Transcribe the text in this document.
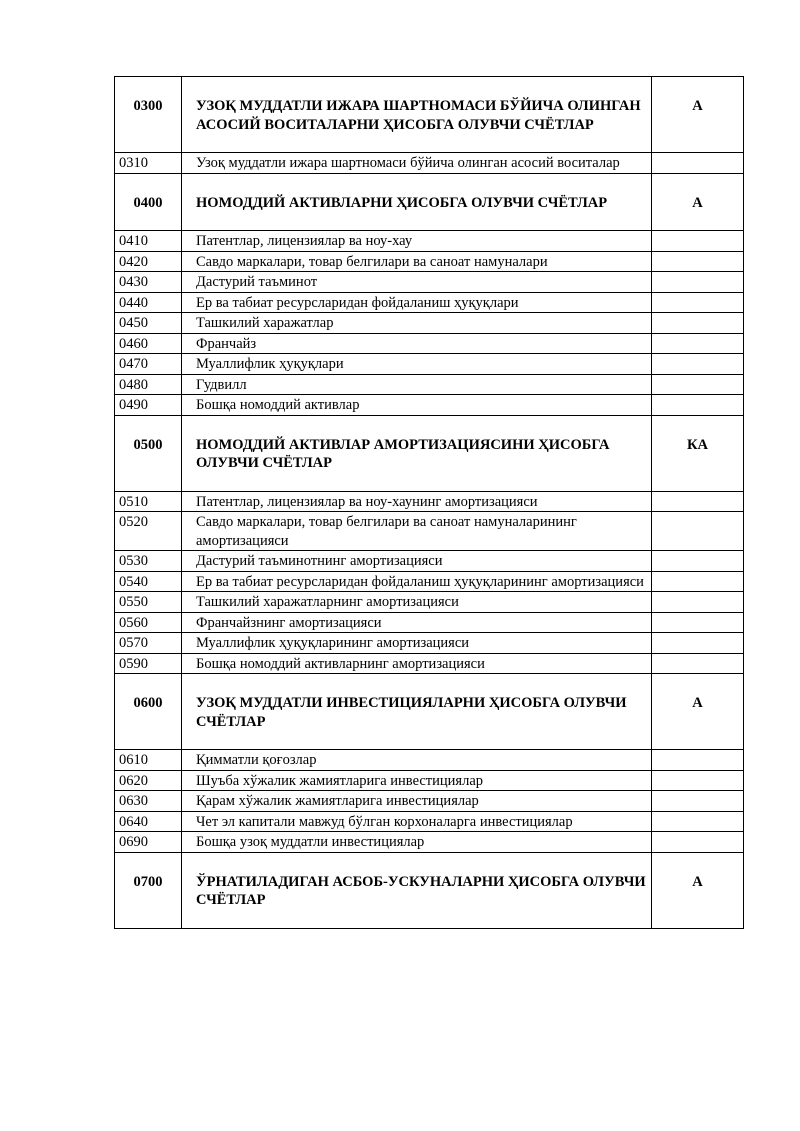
0300	УЗОҚ МУДДАТЛИ ИЖАРА ШАРТНОМАСИ БЎЙИЧА ОЛИНГАН АСОСИЙ ВОСИТАЛАРНИ ҲИСОБГА ОЛУВЧИ СЧЁТЛАР	А
0310	Узоқ муддатли ижара шартномаси бўйича олинган асосий воситалар	
0400	НОМОДДИЙ АКТИВЛАРНИ ҲИСОБГА ОЛУВЧИ СЧЁТЛАР	А
0410	Патентлар, лицензиялар ва ноу-хау	
0420	Савдо маркалари, товар белгилари ва саноат намуналари	
0430	Дастурий таъминот	
0440	Ер ва табиат ресурсларидан фойдаланиш ҳуқуқлари	
0450	Ташкилий харажатлар	
0460	Франчайз	
0470	Муаллифлик ҳуқуқлари	
0480	Гудвилл	
0490	Бошқа номоддий активлар	
0500	НОМОДДИЙ АКТИВЛАР АМОРТИЗАЦИЯСИНИ ҲИСОБГА ОЛУВЧИ СЧЁТЛАР	КА
0510	Патентлар, лицензиялар ва ноу-хаунинг амортизацияси	
0520	Савдо маркалари, товар белгилари ва саноат намуналарининг амортизацияси	
0530	Дастурий таъминотнинг амортизацияси	
0540	Ер ва табиат ресурсларидан фойдаланиш ҳуқуқларининг амортизацияси	
0550	Ташкилий харажатларнинг амортизацияси	
0560	Франчайзнинг амортизацияси	
0570	Муаллифлик ҳуқуқларининг амортизацияси	
0590	Бошқа номоддий активларнинг амортизацияси	
0600	УЗОҚ МУДДАТЛИ ИНВЕСТИЦИЯЛАРНИ ҲИСОБГА ОЛУВЧИ СЧЁТЛАР	А
0610	Қимматли қоғозлар	
0620	Шуъба хўжалик жамиятларига инвестициялар	
0630	Қарам хўжалик жамиятларига инвестициялар	
0640	Чет эл капитали мавжуд бўлган корхоналарга инвестициялар	
0690	Бошқа узоқ муддатли инвестициялар	
0700	ЎРНАТИЛАДИГАН АСБОБ-УСКУНАЛАРНИ ҲИСОБГА ОЛУВЧИ СЧЁТЛАР	А
